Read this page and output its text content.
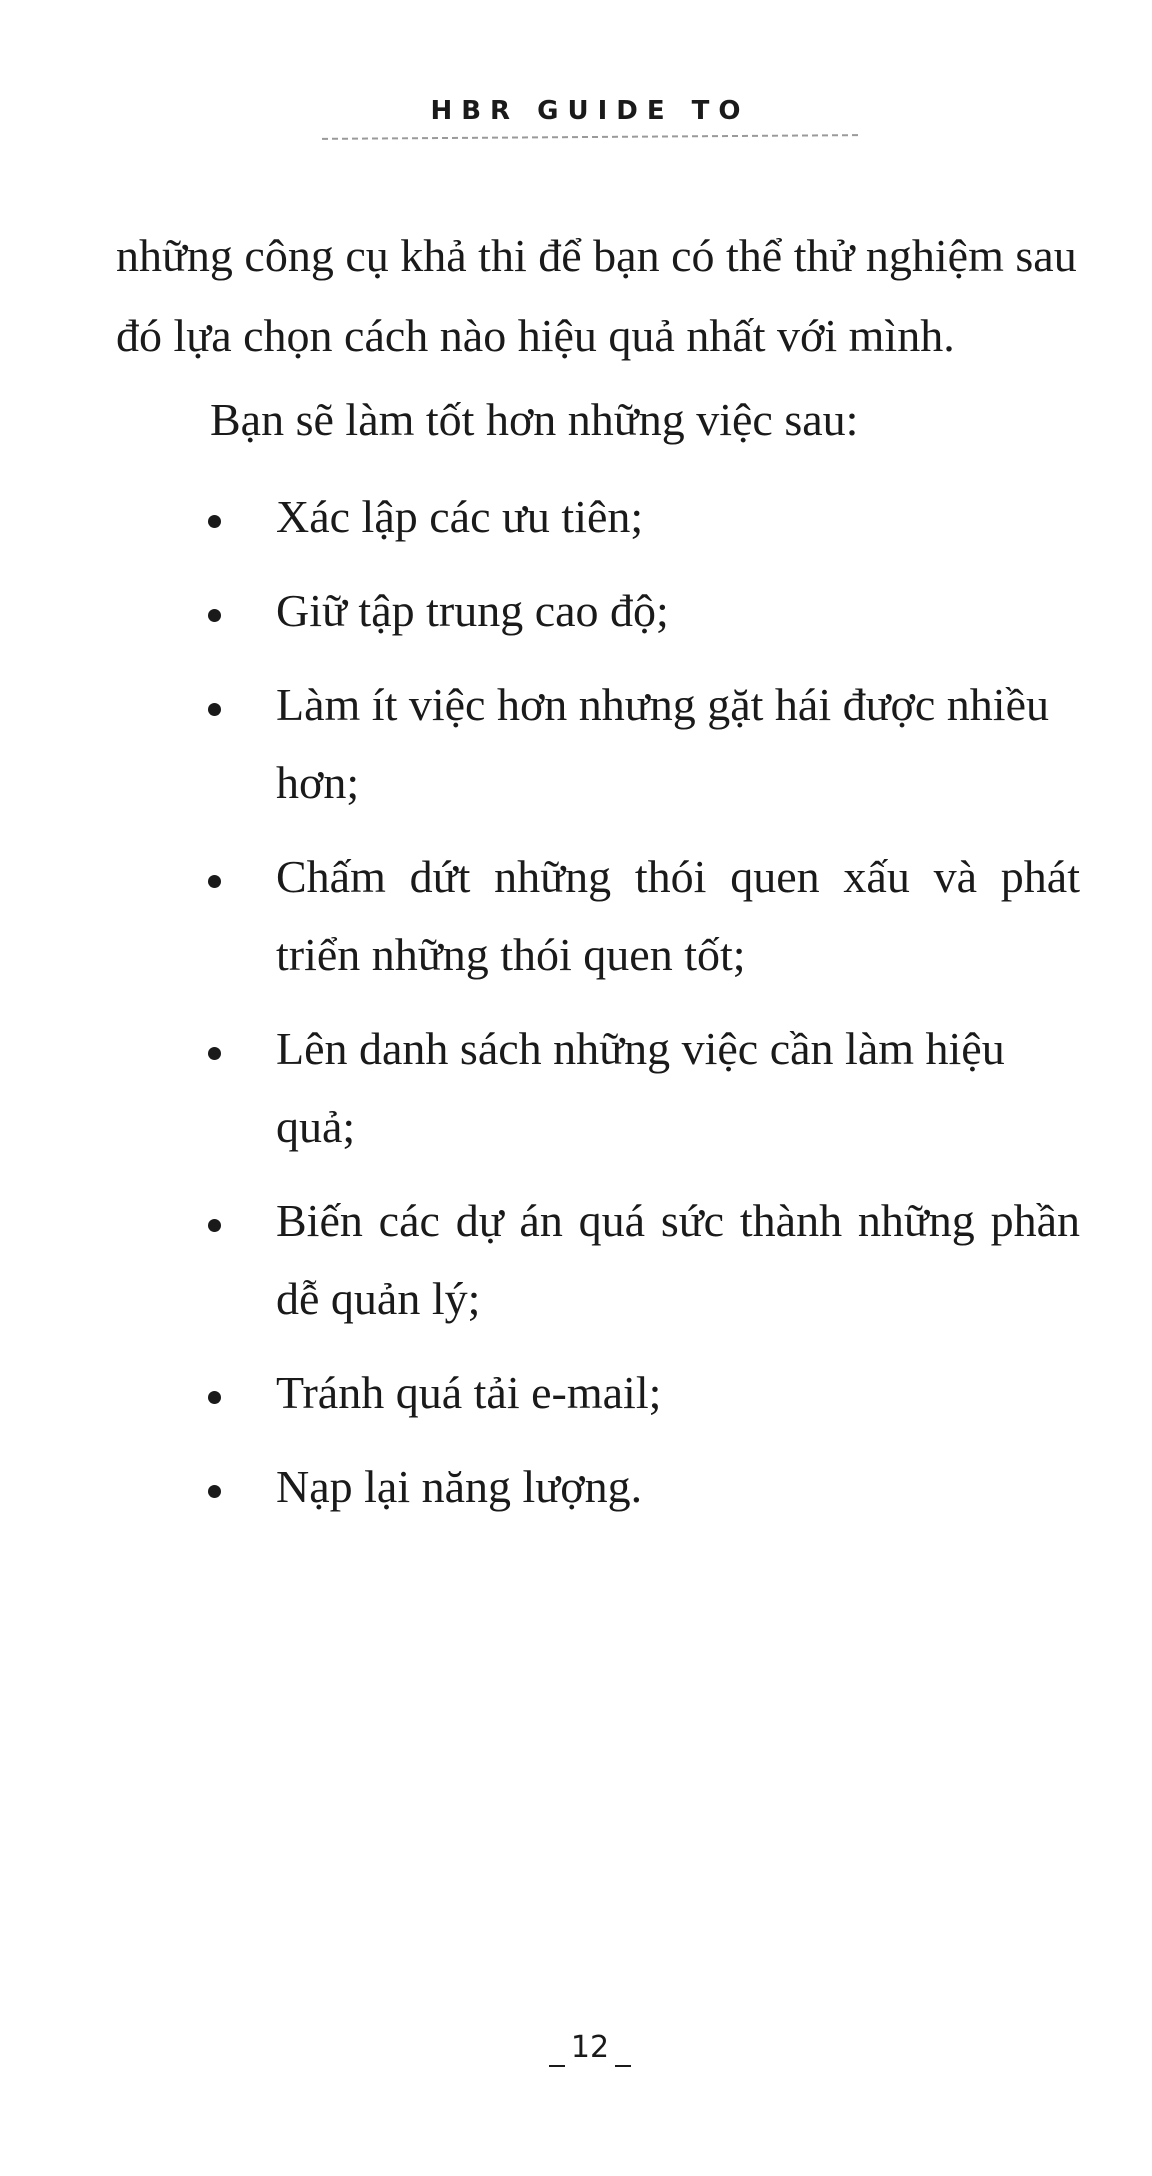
HBR GUIDE TO

những công cụ khả thi để bạn có thể thử nghiệm sau đó lựa chọn cách nào hiệu quả nhất với mình.

Bạn sẽ làm tốt hơn những việc sau:

Xác lập các ưu tiên;
Giữ tập trung cao độ;
Làm ít việc hơn nhưng gặt hái được nhiều hơn;
Chấm dứt những thói quen xấu và phát triển những thói quen tốt;
Lên danh sách những việc cần làm hiệu quả;
Biến các dự án quá sức thành những phần dễ quản lý;
Tránh quá tải e-mail;
Nạp lại năng lượng.
12
